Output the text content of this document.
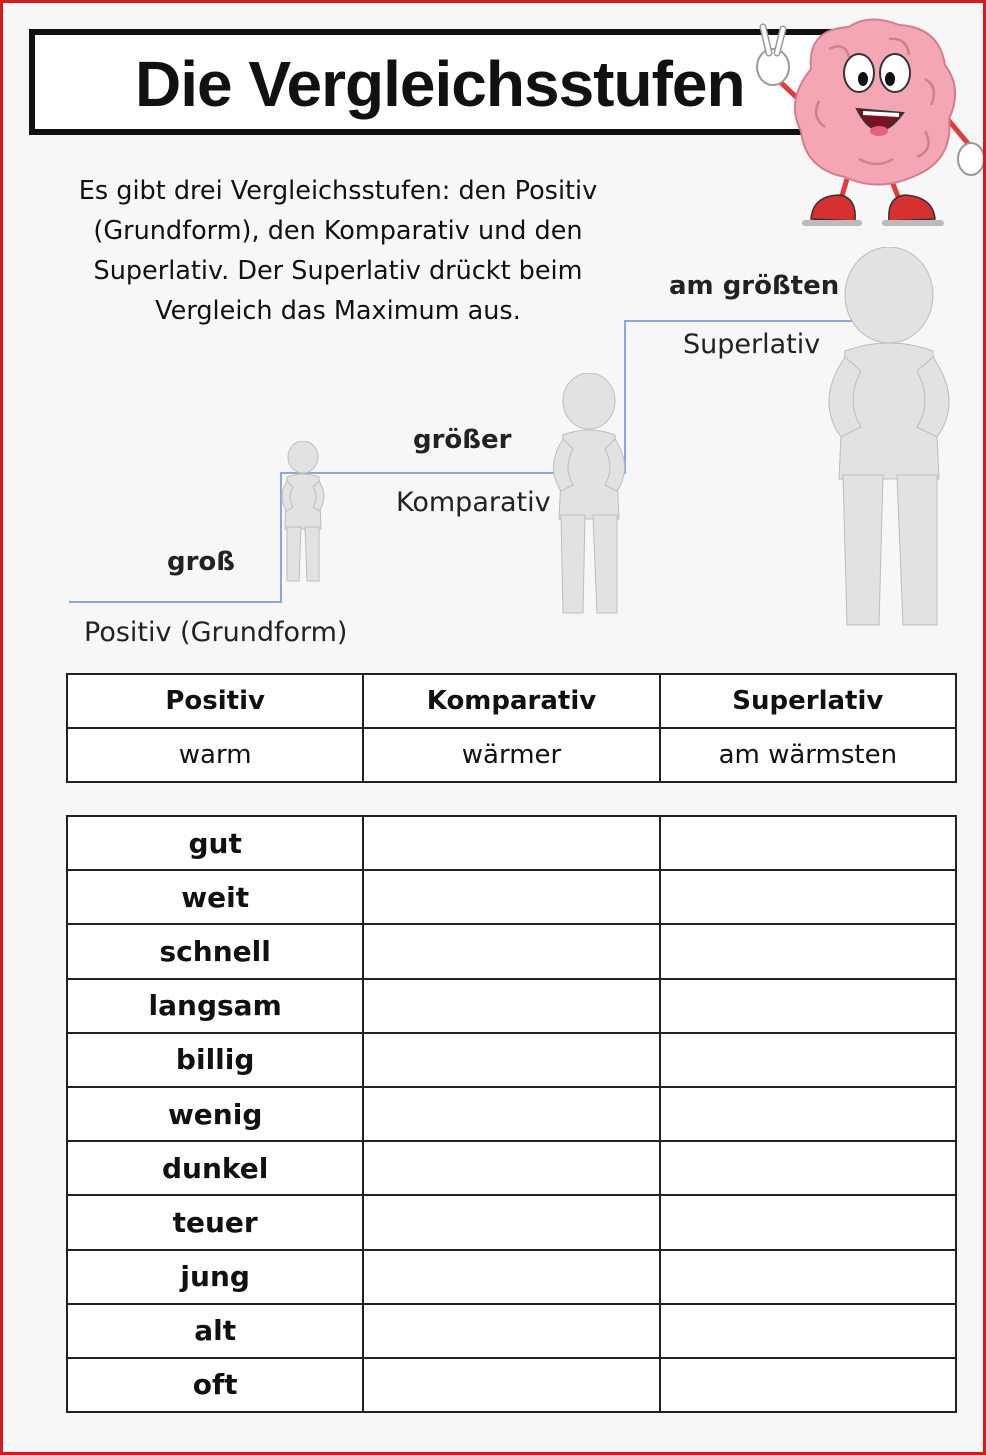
Die Vergleichsstufen
Es gibt drei Vergleichsstufen: den Positiv (Grundform), den Komparativ und den Superlativ. Der Superlativ drückt beim Vergleich das Maximum aus.
groß
Positiv (Grundform)
größer
Komparativ
am größten
Superlativ
Positiv	Komparativ	Superlativ
warm	wärmer	am wärmsten
gut		
weit		
schnell		
langsam		
billig		
wenig		
dunkel		
teuer		
jung		
alt		
oft		
